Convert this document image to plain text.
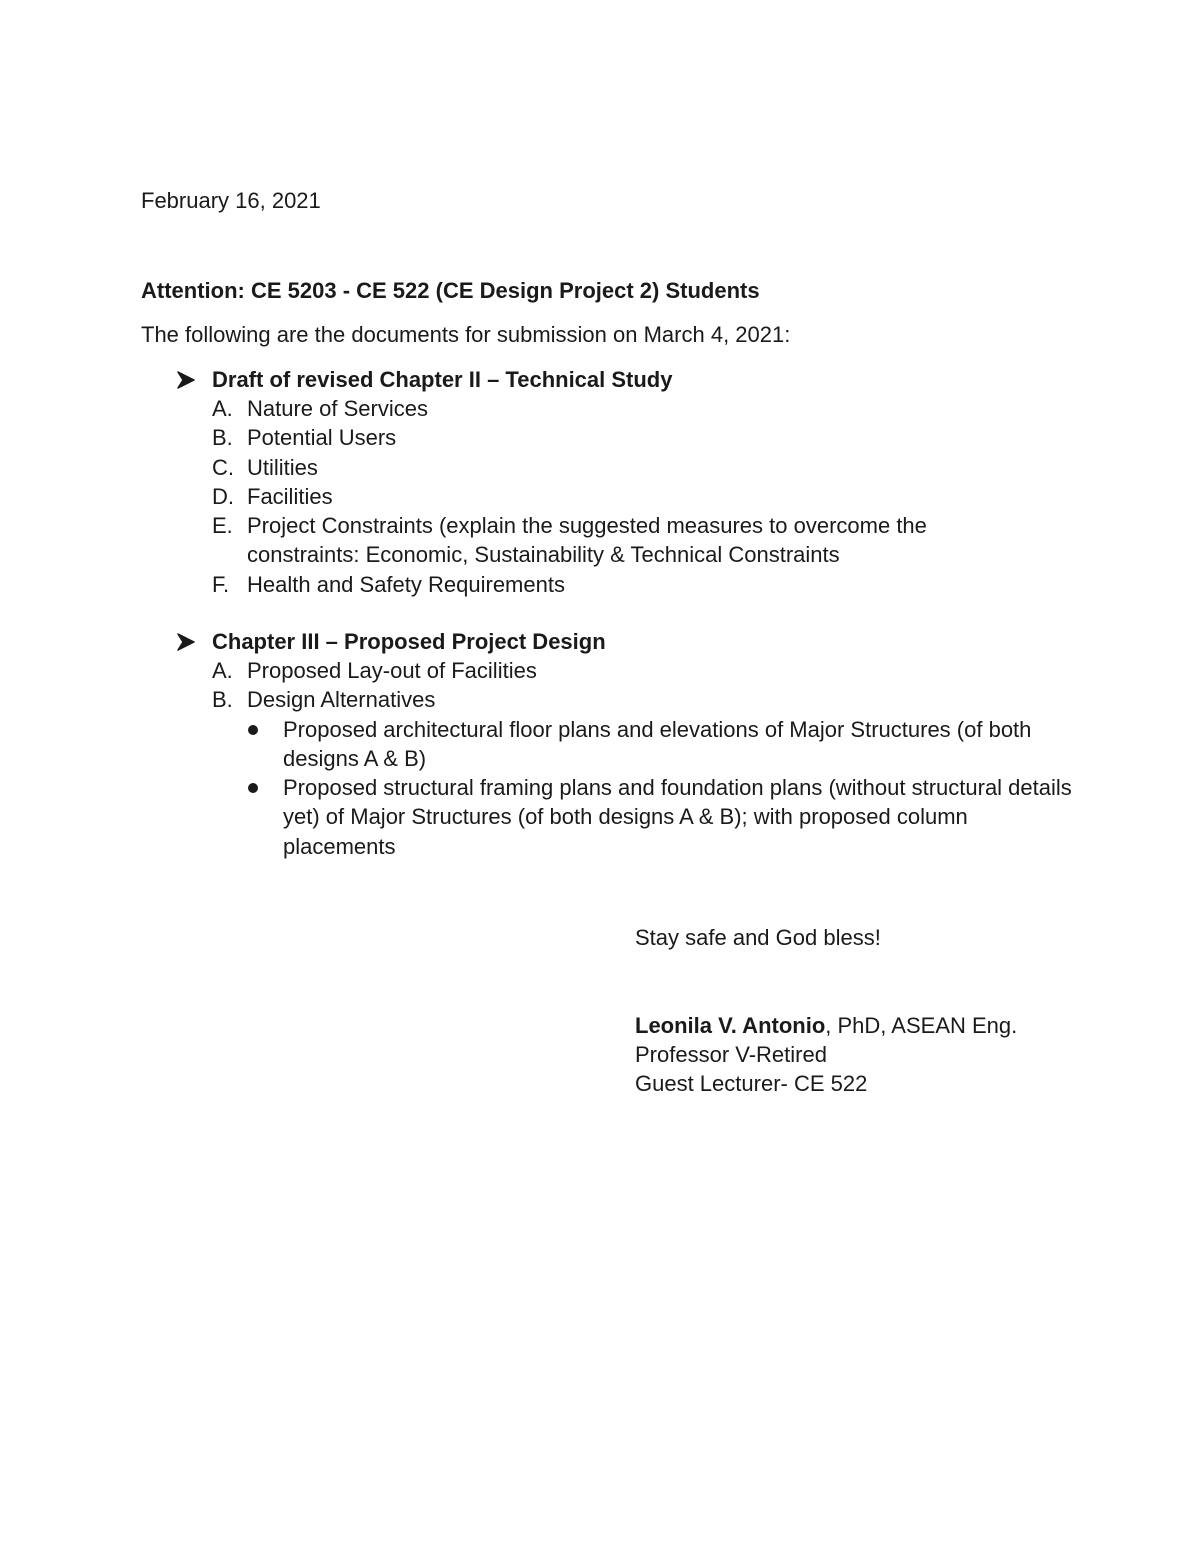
February 16, 2021
Attention: CE 5203 - CE 522 (CE Design Project 2) Students
The following are the documents for submission on March 4, 2021:
Draft of revised Chapter II – Technical Study
A. Nature of Services
B. Potential Users
C. Utilities
D. Facilities
E. Project Constraints (explain the suggested measures to overcome the constraints: Economic, Sustainability & Technical Constraints
F. Health and Safety Requirements
Chapter III – Proposed Project Design
A. Proposed Lay-out of Facilities
B. Design Alternatives
Proposed architectural floor plans and elevations of Major Structures (of both designs A & B)
Proposed structural framing plans and foundation plans (without structural details yet) of Major Structures (of both designs A & B); with proposed column placements
Stay safe and God bless!
Leonila V. Antonio, PhD, ASEAN Eng.
Professor V-Retired
Guest Lecturer- CE 522
